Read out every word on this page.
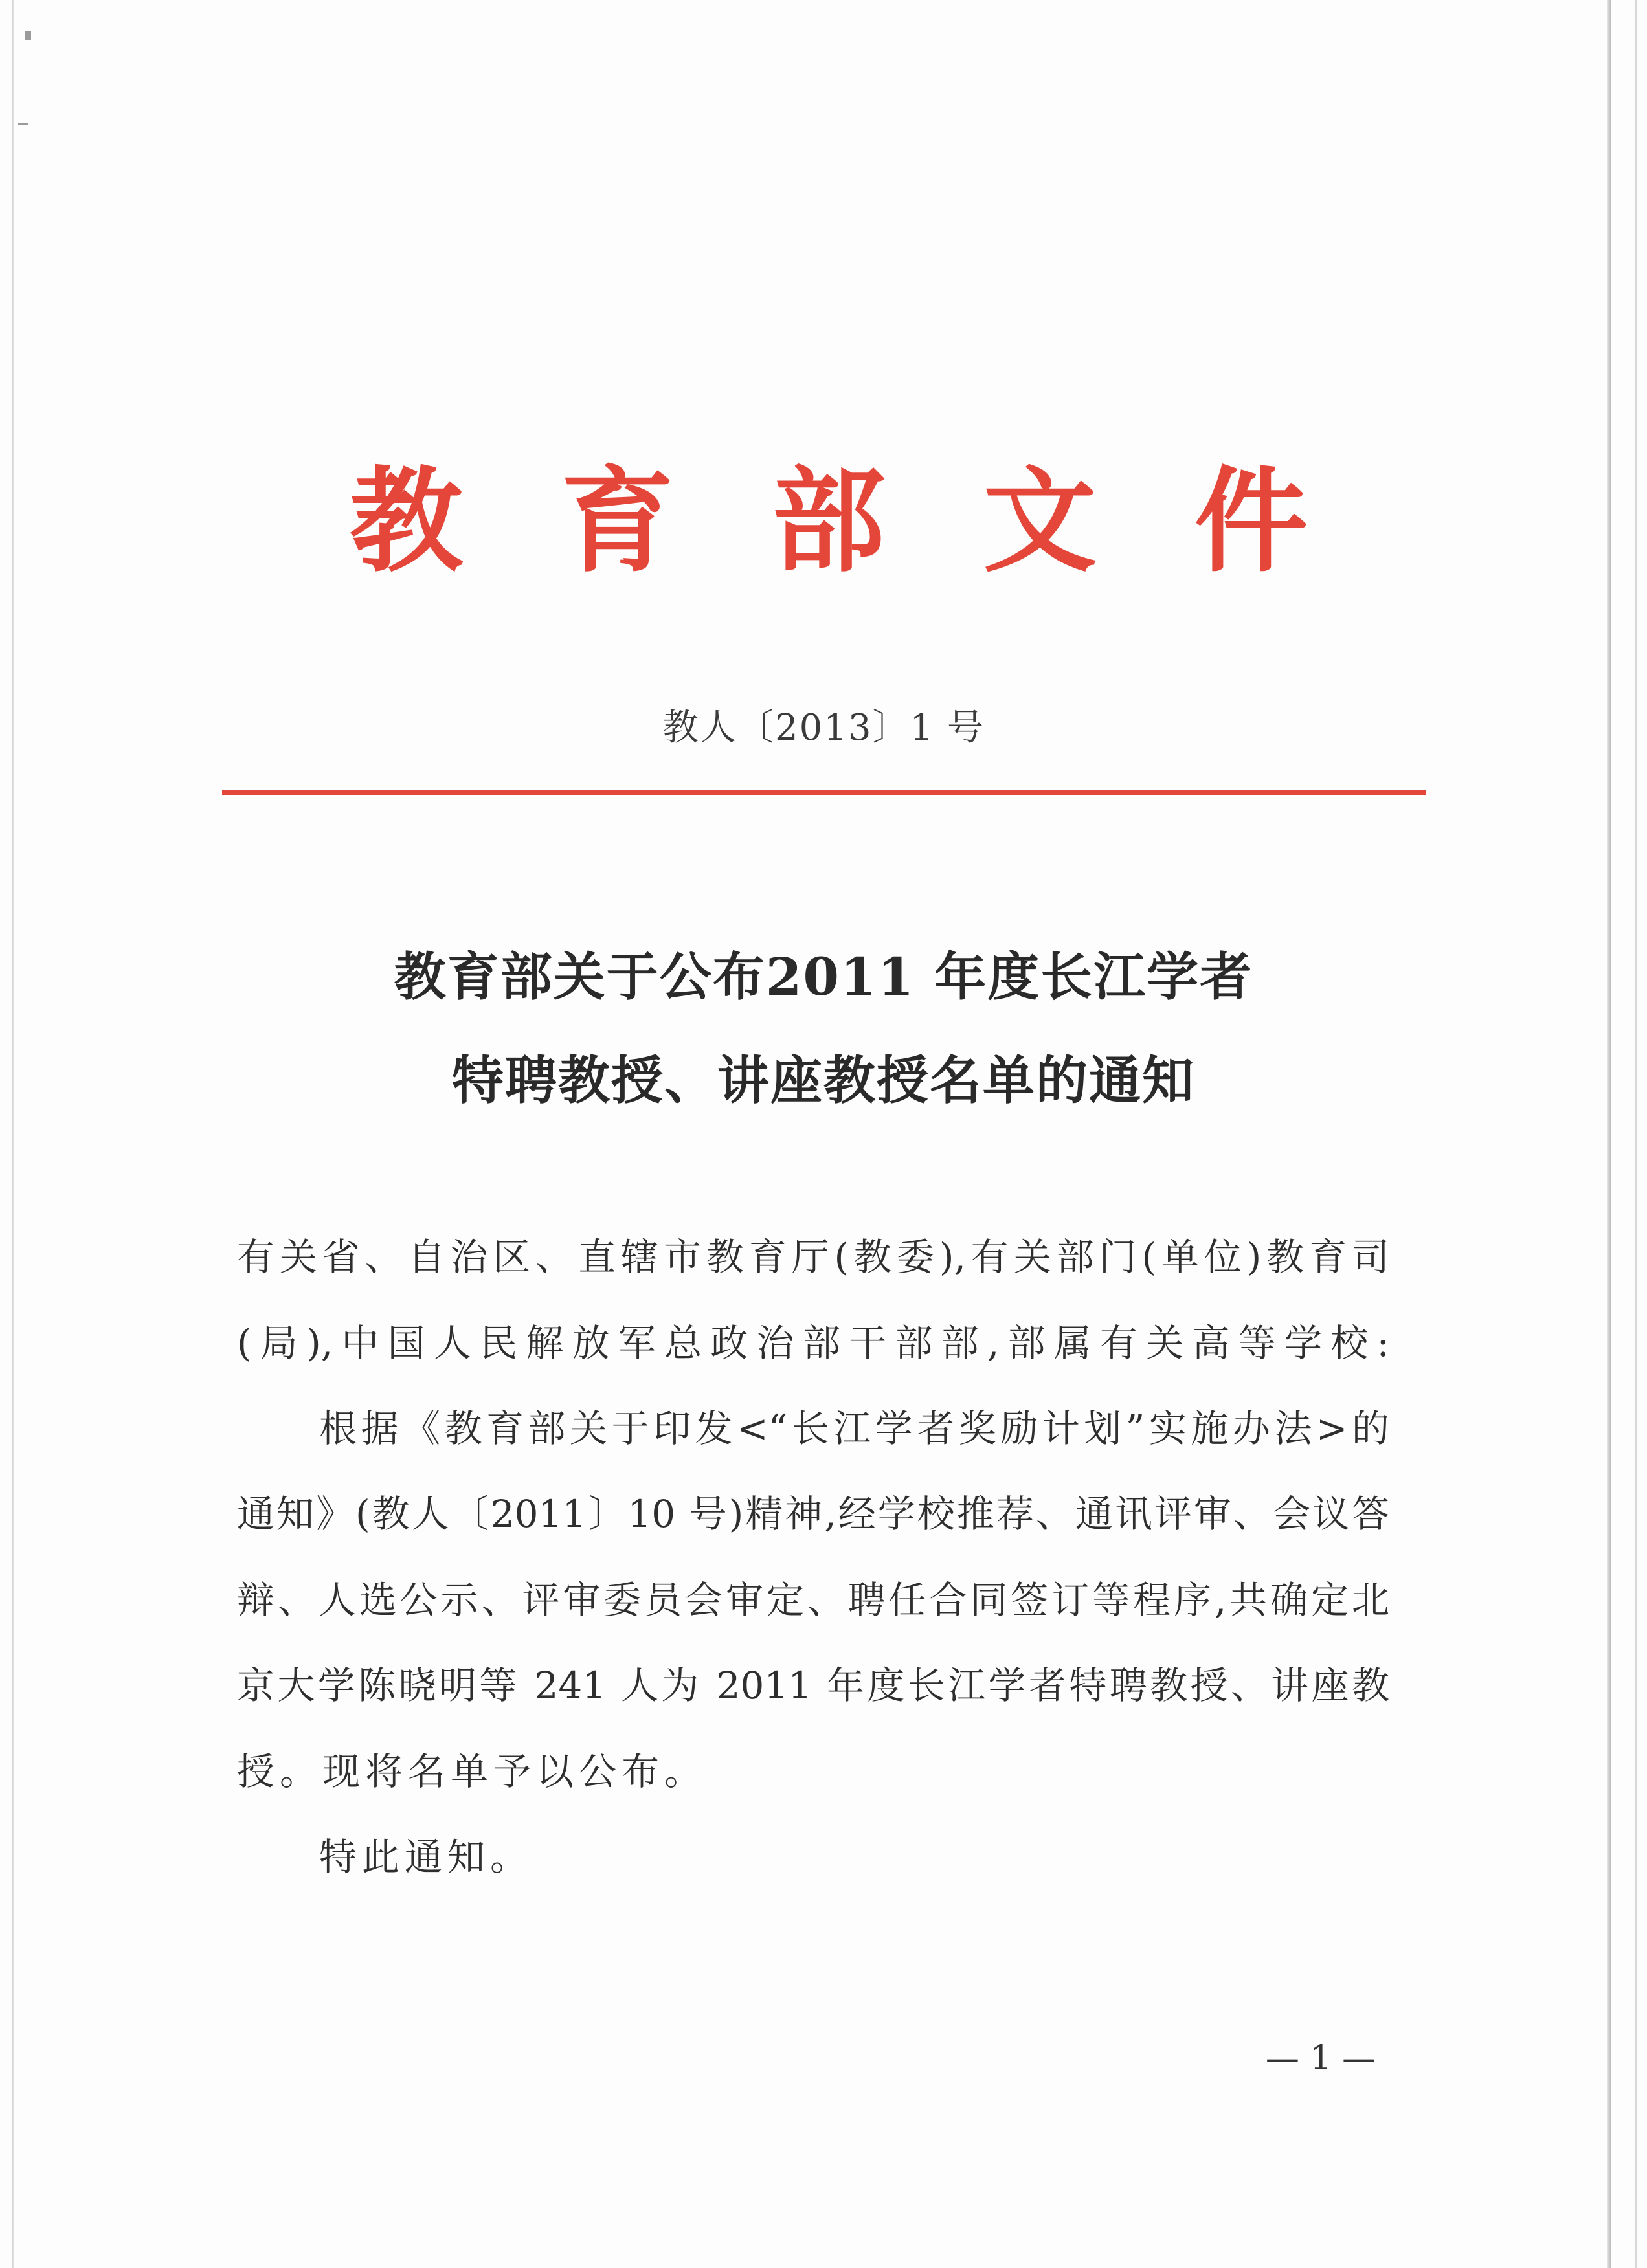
教 育 部 文 件
教人〔2013〕1 号
教育部关于公布2011 年度长江学者
特聘教授、讲座教授名单的通知
有关省、自治区、直辖市教育厅(教委),有关部门(单位)教育司
(局),中国人民解放军总政治部干部部,部属有关高等学校:
根据《教育部关于印发<“长江学者奖励计划”实施办法>的
通知》(教人〔2011〕10 号)精神,经学校推荐、通讯评审、会议答
辩、人选公示、评审委员会审定、聘任合同签订等程序,共确定北
京大学陈晓明等 241 人为 2011 年度长江学者特聘教授、讲座教
授。现将名单予以公布。
特此通知。
— 1 —
